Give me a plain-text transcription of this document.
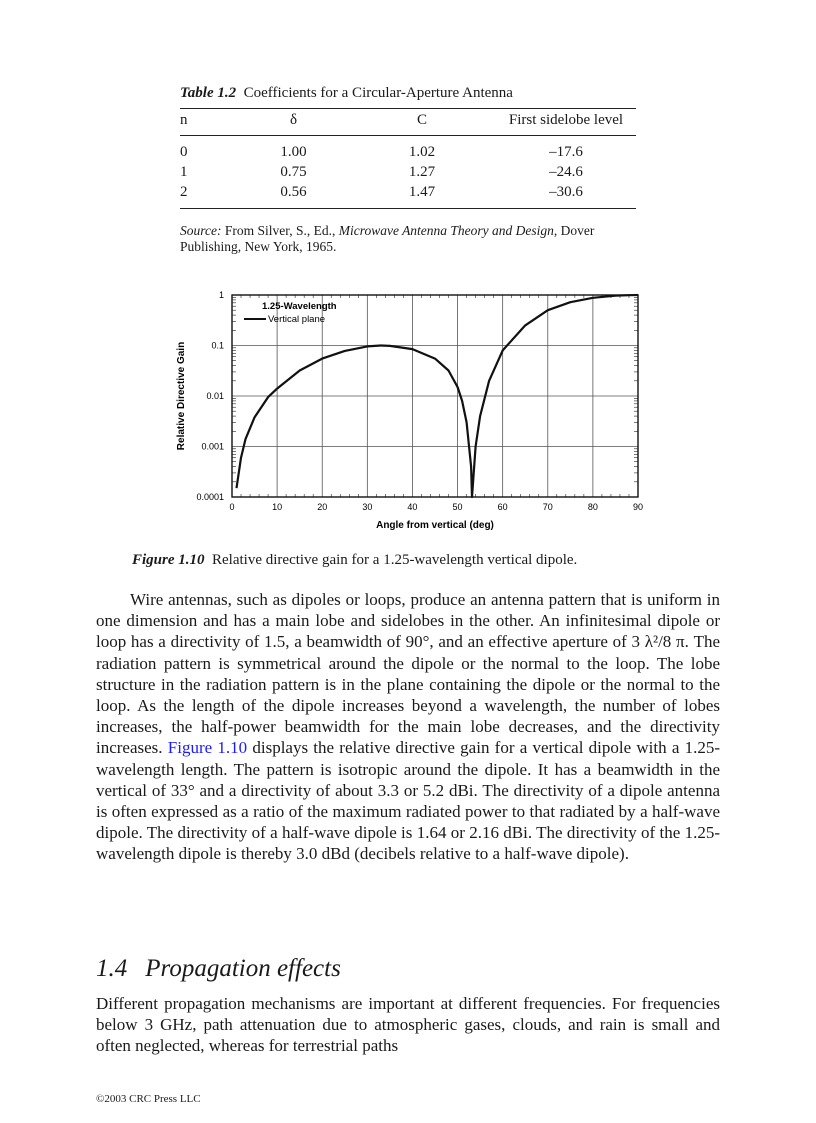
Table 1.2 Coefficients for a Circular-Aperture Antenna

n	δ	C	First sidelobe level
0	1.00	1.02	–17.6
1	0.75	1.27	–24.6
2	0.56	1.47	–30.6

Source: From Silver, S., Ed., Microwave Antenna Theory and Design, Dover Publishing, New York, 1965.
0	10	20	30	40	50	60	70	80	90
1
0.1
0.01
0.001
0.0001
Angle from vertical (deg)
Relative Directive Gain
1.25-Wavelength
Vertical plane
Figure 1.10 Relative directive gain for a 1.25-wavelength vertical dipole.
Wire antennas, such as dipoles or loops, produce an antenna pattern that is uniform in one dimension and has a main lobe and sidelobes in the other. An infinitesimal dipole or loop has a directivity of 1.5, a beamwidth of 90°, and an effective aperture of 3 λ²/8 π. The radiation pattern is symmetrical around the dipole or the normal to the loop. The lobe structure in the radiation pattern is in the plane containing the dipole or the normal to the loop. As the length of the dipole increases beyond a wavelength, the number of lobes increases, the half-power beamwidth for the main lobe decreases, and the directivity increases. Figure 1.10 displays the relative directive gain for a vertical dipole with a 1.25-wavelength length. The pattern is isotropic around the dipole. It has a beamwidth in the vertical of 33° and a directivity of about 3.3 or 5.2 dBi. The directivity of a dipole antenna is often expressed as a ratio of the maximum radiated power to that radiated by a half-wave dipole. The directivity of a half-wave dipole is 1.64 or 2.16 dBi. The directivity of the 1.25-wavelength dipole is thereby 3.0 dBd (decibels relative to a half-wave dipole).
1.4 Propagation effects
Different propagation mechanisms are important at different frequencies. For frequencies below 3 GHz, path attenuation due to atmospheric gases, clouds, and rain is small and often neglected, whereas for terrestrial paths
©2003 CRC Press LLC
